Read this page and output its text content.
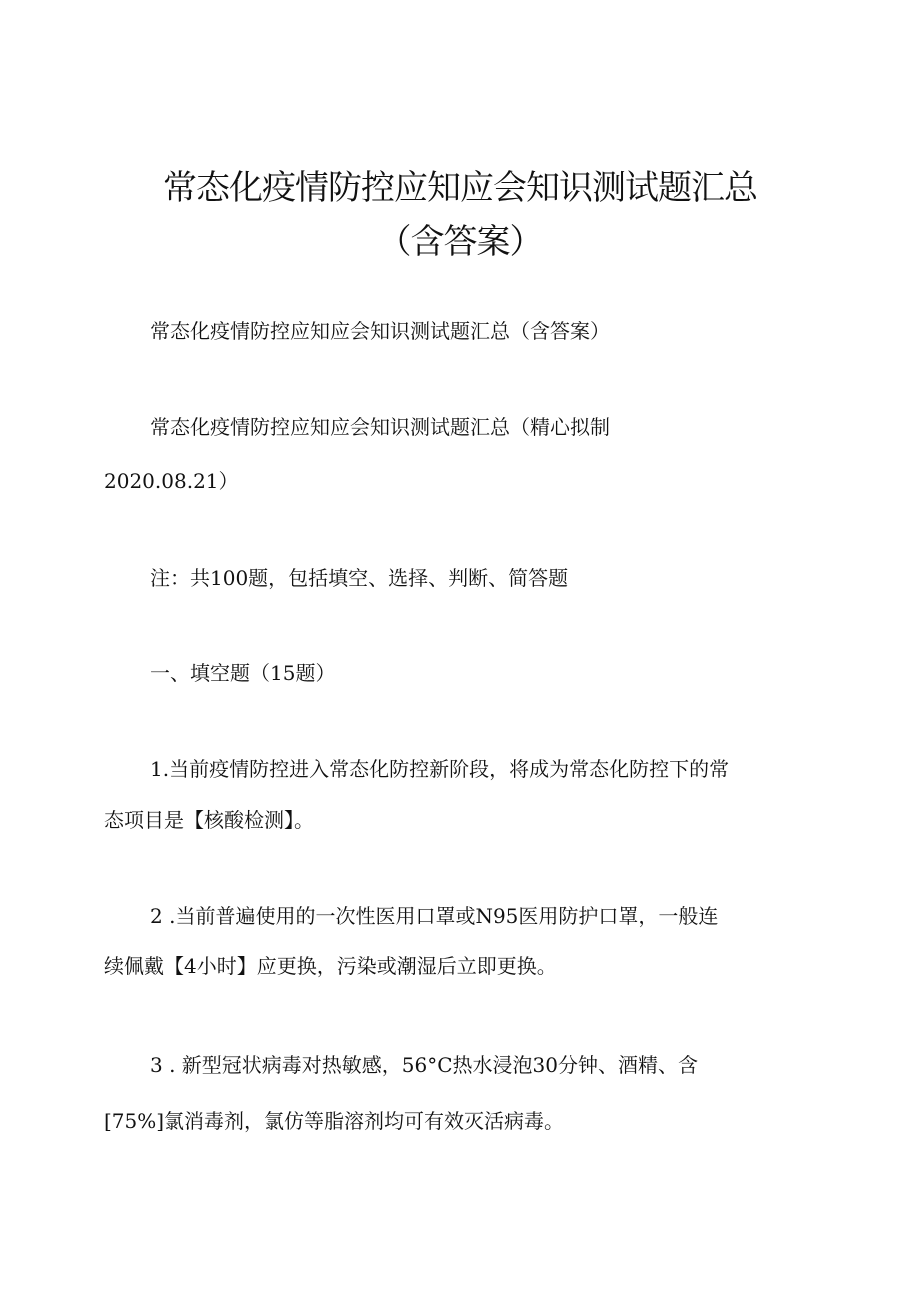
常态化疫情防控应知应会知识测试题汇总
（含答案）
常态化疫情防控应知应会知识测试题汇总（含答案）
常态化疫情防控应知应会知识测试题汇总（精心拟制
2020.08.21）
注：共100题，包括填空、选择、判断、简答题
一、填空题（15题）
1.当前疫情防控进入常态化防控新阶段，将成为常态化防控下的常
态项目是【核酸检测】。
2 .当前普遍使用的一次性医用口罩或N95医用防护口罩，一般连
续佩戴【4小时】应更换，污染或潮湿后立即更换。
3 . 新型冠状病毒对热敏感，56°C热水浸泡30分钟、酒精、含
[75%]氯消毒剂，氯仿等脂溶剂均可有效灭活病毒。
